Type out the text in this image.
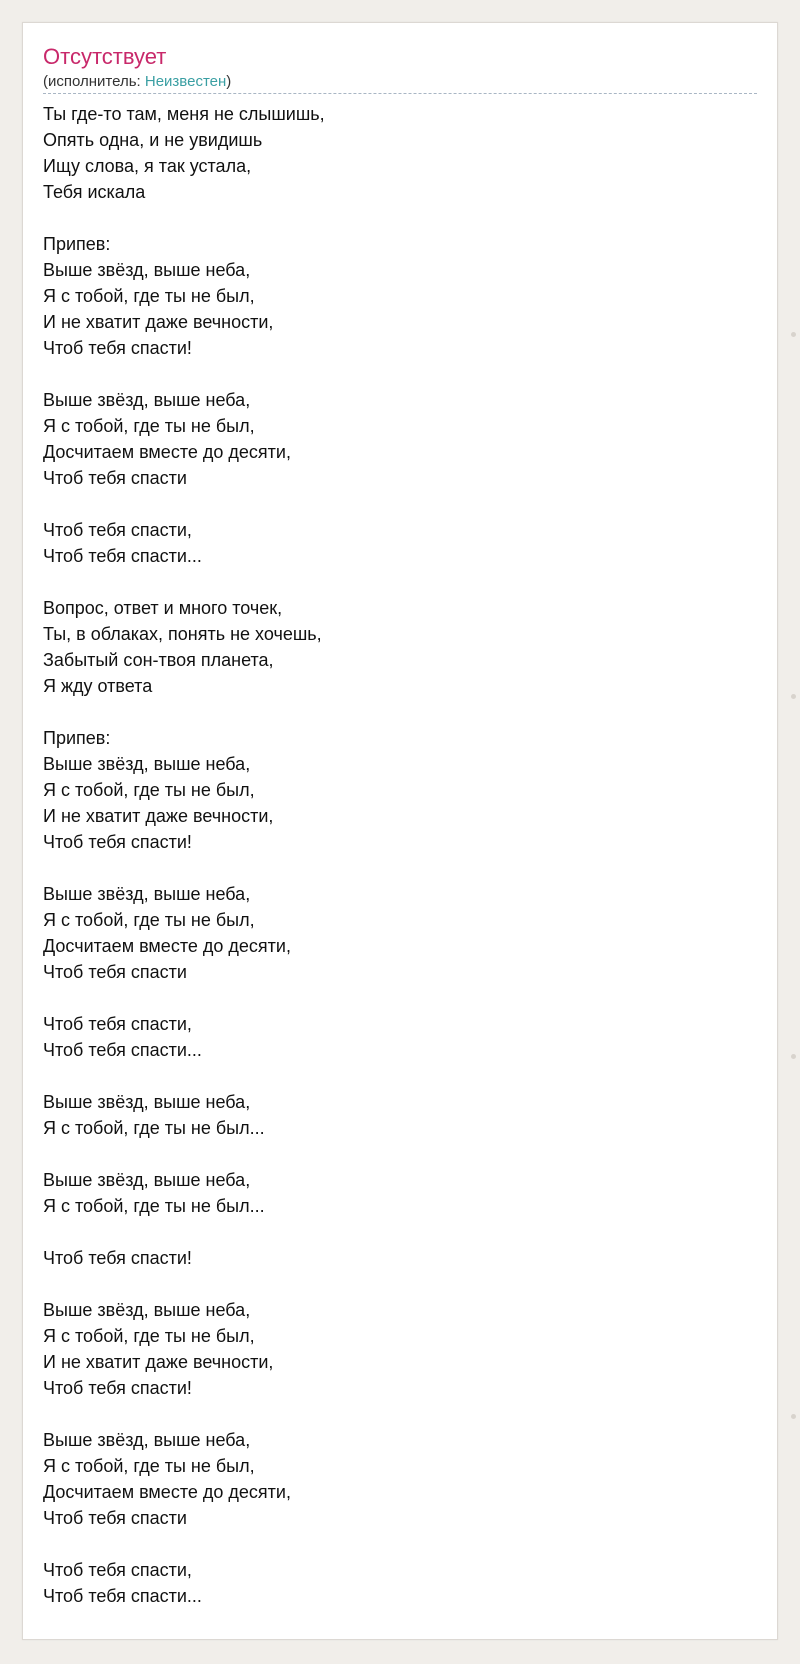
Отсутствует
(исполнитель: Неизвестен)
Ты где-то там, меня не слышишь,
Опять одна, и не увидишь
Ищу слова, я так устала,
Тебя искала
Припев:
Выше звёзд, выше неба,
Я с тобой, где ты не был,
И не хватит даже вечности,
Чтоб тебя спасти!
Выше звёзд, выше неба,
Я с тобой, где ты не был,
Досчитаем вместе до десяти,
Чтоб тебя спасти
Чтоб тебя спасти,
Чтоб тебя спасти...
Вопрос, ответ и много точек,
Ты, в облаках, понять не хочешь,
Забытый сон-твоя планета,
Я жду ответа
Припев:
Выше звёзд, выше неба,
Я с тобой, где ты не был,
И не хватит даже вечности,
Чтоб тебя спасти!
Выше звёзд, выше неба,
Я с тобой, где ты не был,
Досчитаем вместе до десяти,
Чтоб тебя спасти
Чтоб тебя спасти,
Чтоб тебя спасти...
Выше звёзд, выше неба,
Я с тобой, где ты не был...
Выше звёзд, выше неба,
Я с тобой, где ты не был...
Чтоб тебя спасти!
Выше звёзд, выше неба,
Я с тобой, где ты не был,
И не хватит даже вечности,
Чтоб тебя спасти!
Выше звёзд, выше неба,
Я с тобой, где ты не был,
Досчитаем вместе до десяти,
Чтоб тебя спасти
Чтоб тебя спасти,
Чтоб тебя спасти...
